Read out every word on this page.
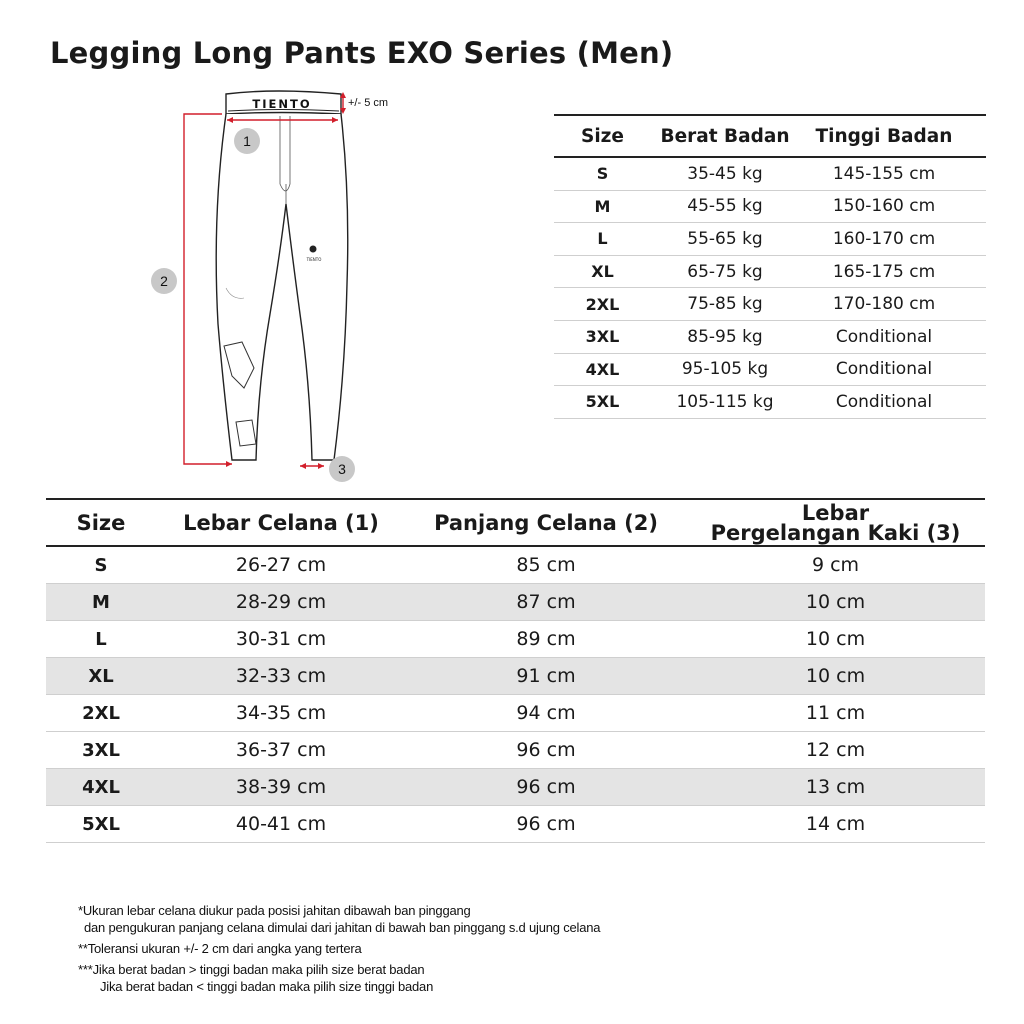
Legging Long Pants EXO Series (Men)
TIENTO
TIENTO
+/- 5 cm
1
2
3
Size	Berat Badan	Tinggi Badan
S	35-45 kg	145-155 cm
M	45-55 kg	150-160 cm
L	55-65 kg	160-170 cm
XL	65-75 kg	165-175 cm
2XL	75-85 kg	170-180 cm
3XL	85-95 kg	Conditional
4XL	95-105 kg	Conditional
5XL	105-115 kg	Conditional
Size	Lebar Celana (1)	Panjang Celana (2)	Lebar
Pergelangan Kaki (3)
S	26-27 cm	85 cm	9 cm
M	28-29 cm	87 cm	10 cm
L	30-31 cm	89 cm	10 cm
XL	32-33 cm	91 cm	10 cm
2XL	34-35 cm	94 cm	11 cm
3XL	36-37 cm	96 cm	12 cm
4XL	38-39 cm	96 cm	13 cm
5XL	40-41 cm	96 cm	14 cm

*Ukuran lebar celana diukur pada posisi jahitan dibawah ban pinggang

dan pengukuran panjang celana dimulai dari jahitan di bawah ban pinggang s.d ujung celana

**Toleransi ukuran +/- 2 cm dari angka yang tertera

***Jika berat badan > tinggi badan maka pilih size berat badan

Jika berat badan < tinggi badan maka pilih size tinggi badan
